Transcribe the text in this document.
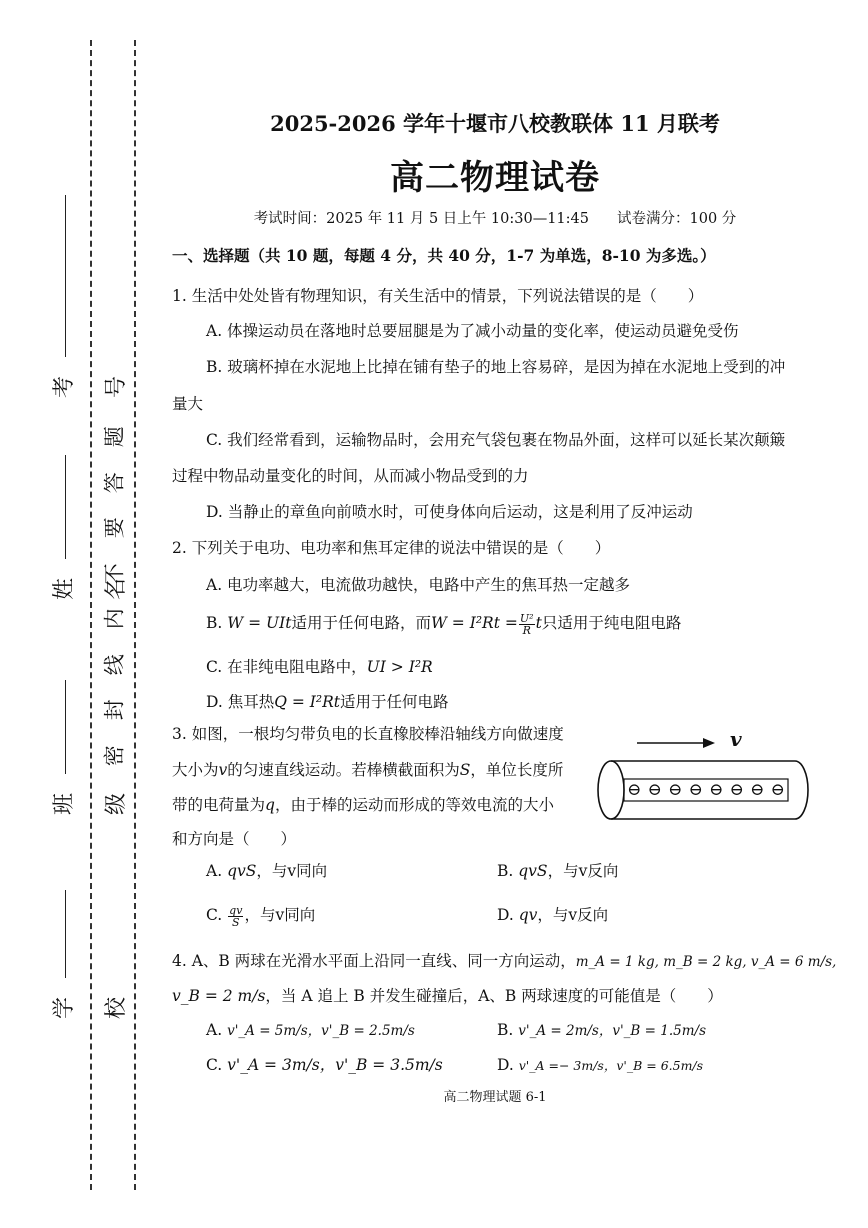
考号
姓名
班级
学校
题
答
要
不
内
线
封
密
2025-2026 学年十堰市八校教联体 11 月联考
高二物理试卷
考试时间：2025 年 11 月 5 日上午 10:30—11:45 试卷满分：100 分
一、选择题（共 10 题，每题 4 分，共 40 分，1-7 为单选，8-10 为多选。）
1. 生活中处处皆有物理知识，有关生活中的情景，下列说法错误的是（　　）
A. 体操运动员在落地时总要屈腿是为了减小动量的变化率，使运动员避免受伤
B. 玻璃杯掉在水泥地上比掉在铺有垫子的地上容易碎，是因为掉在水泥地上受到的冲
量大
C. 我们经常看到，运输物品时，会用充气袋包裹在物品外面，这样可以延长某次颠簸
过程中物品动量变化的时间，从而减小物品受到的力
D. 当静止的章鱼向前喷水时，可使身体向后运动，这是利用了反冲运动
2. 下列关于电功、电功率和焦耳定律的说法中错误的是（　　）
A. 电功率越大，电流做功越快，电路中产生的焦耳热一定越多
B. W = UIt适用于任何电路，而$W = I^2Rt = \frac{\text{U²}}{R}$ t只适用于纯电阻电路
C. 在非纯电阻电路中，UI > I²R
D. 焦耳热Q = I²Rt适用于任何电路
3. 如图，一根均匀带负电的长直橡胶棒沿轴线方向做速度
大小为v的匀速直线运动。若棒横截面积为S，单位长度所
带的电荷量为q，由于棒的运动而形成的等效电流的大小
和方向是（　　）
v
⊖ ⊖ ⊖ ⊖ ⊖ ⊖ ⊖ ⊖
A. qvS，与v同向	B. qvS，与v反向
C. $\frac{qv}{S}$ ，与v同向	D. qv，与v反向
4. A、B 两球在光滑水平面上沿同一直线、同一方向运动，m_A = 1 kg, m_B = 2 kg, v_A = 6 m/s,
v_B = 2 m/s，当 A 追上 B 并发生碰撞后，A、B 两球速度的可能值是（　　）
A. v'_A = 5m/s，v'_B = 2.5m/s	B. v'_A = 2m/s，v'_B = 1.5m/s
C. v'_A = 3m/s，v'_B = 3.5m/s	D. v'_A =− 3m/s，v'_B = 6.5m/s
高二物理试题 6-1
